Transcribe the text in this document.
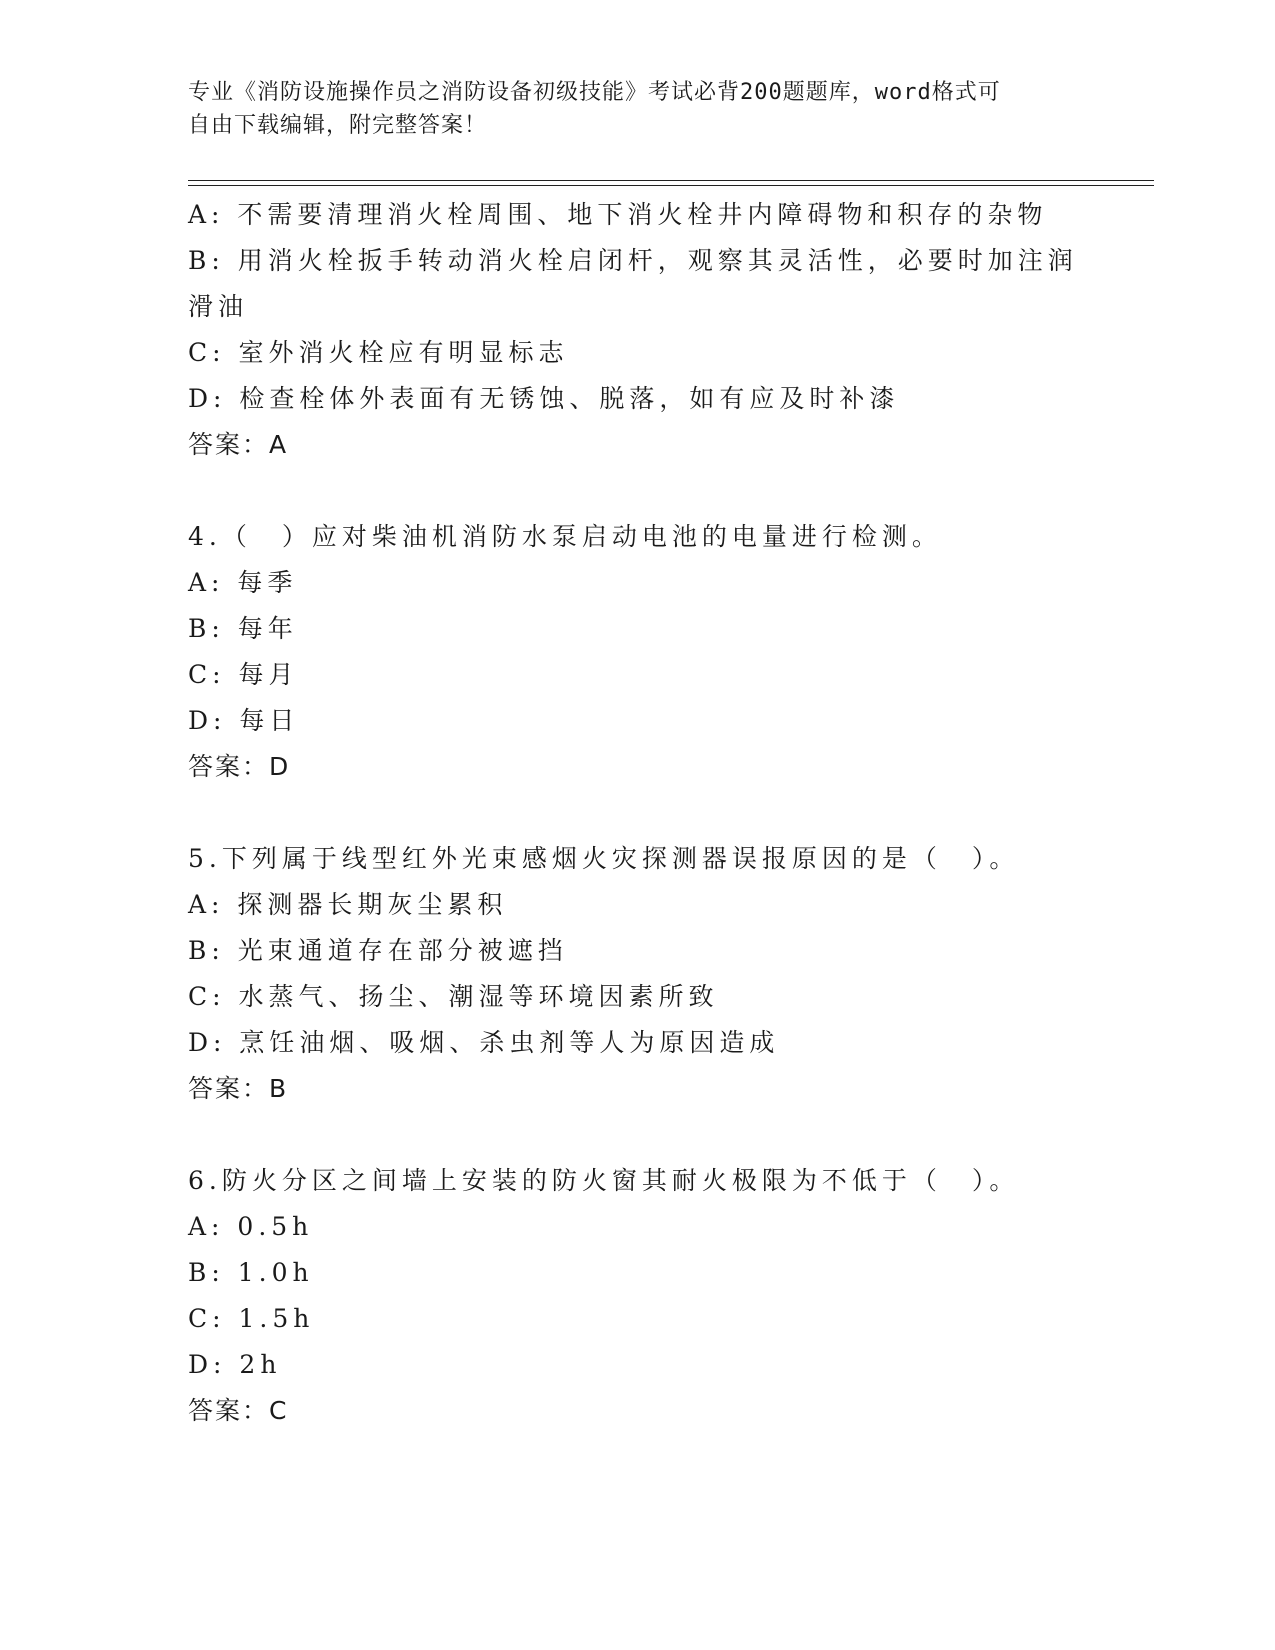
专业《消防设施操作员之消防设备初级技能》考试必背200题题库，word格式可
自由下载编辑，附完整答案！
A: 不需要清理消火栓周围、地下消火栓井内障碍物和积存的杂物
B: 用消火栓扳手转动消火栓启闭杆，观察其灵活性，必要时加注润滑油
C: 室外消火栓应有明显标志
D: 检查栓体外表面有无锈蚀、脱落，如有应及时补漆
答案：A
4.（　）应对柴油机消防水泵启动电池的电量进行检测。
A: 每季
B: 每年
C: 每月
D: 每日
答案：D
5.下列属于线型红外光束感烟火灾探测器误报原因的是（　）。
A: 探测器长期灰尘累积
B: 光束通道存在部分被遮挡
C: 水蒸气、扬尘、潮湿等环境因素所致
D: 烹饪油烟、吸烟、杀虫剂等人为原因造成
答案：B
6.防火分区之间墙上安装的防火窗其耐火极限为不低于（　）。
A: 0.5h
B: 1.0h
C: 1.5h
D: 2h
答案：C
